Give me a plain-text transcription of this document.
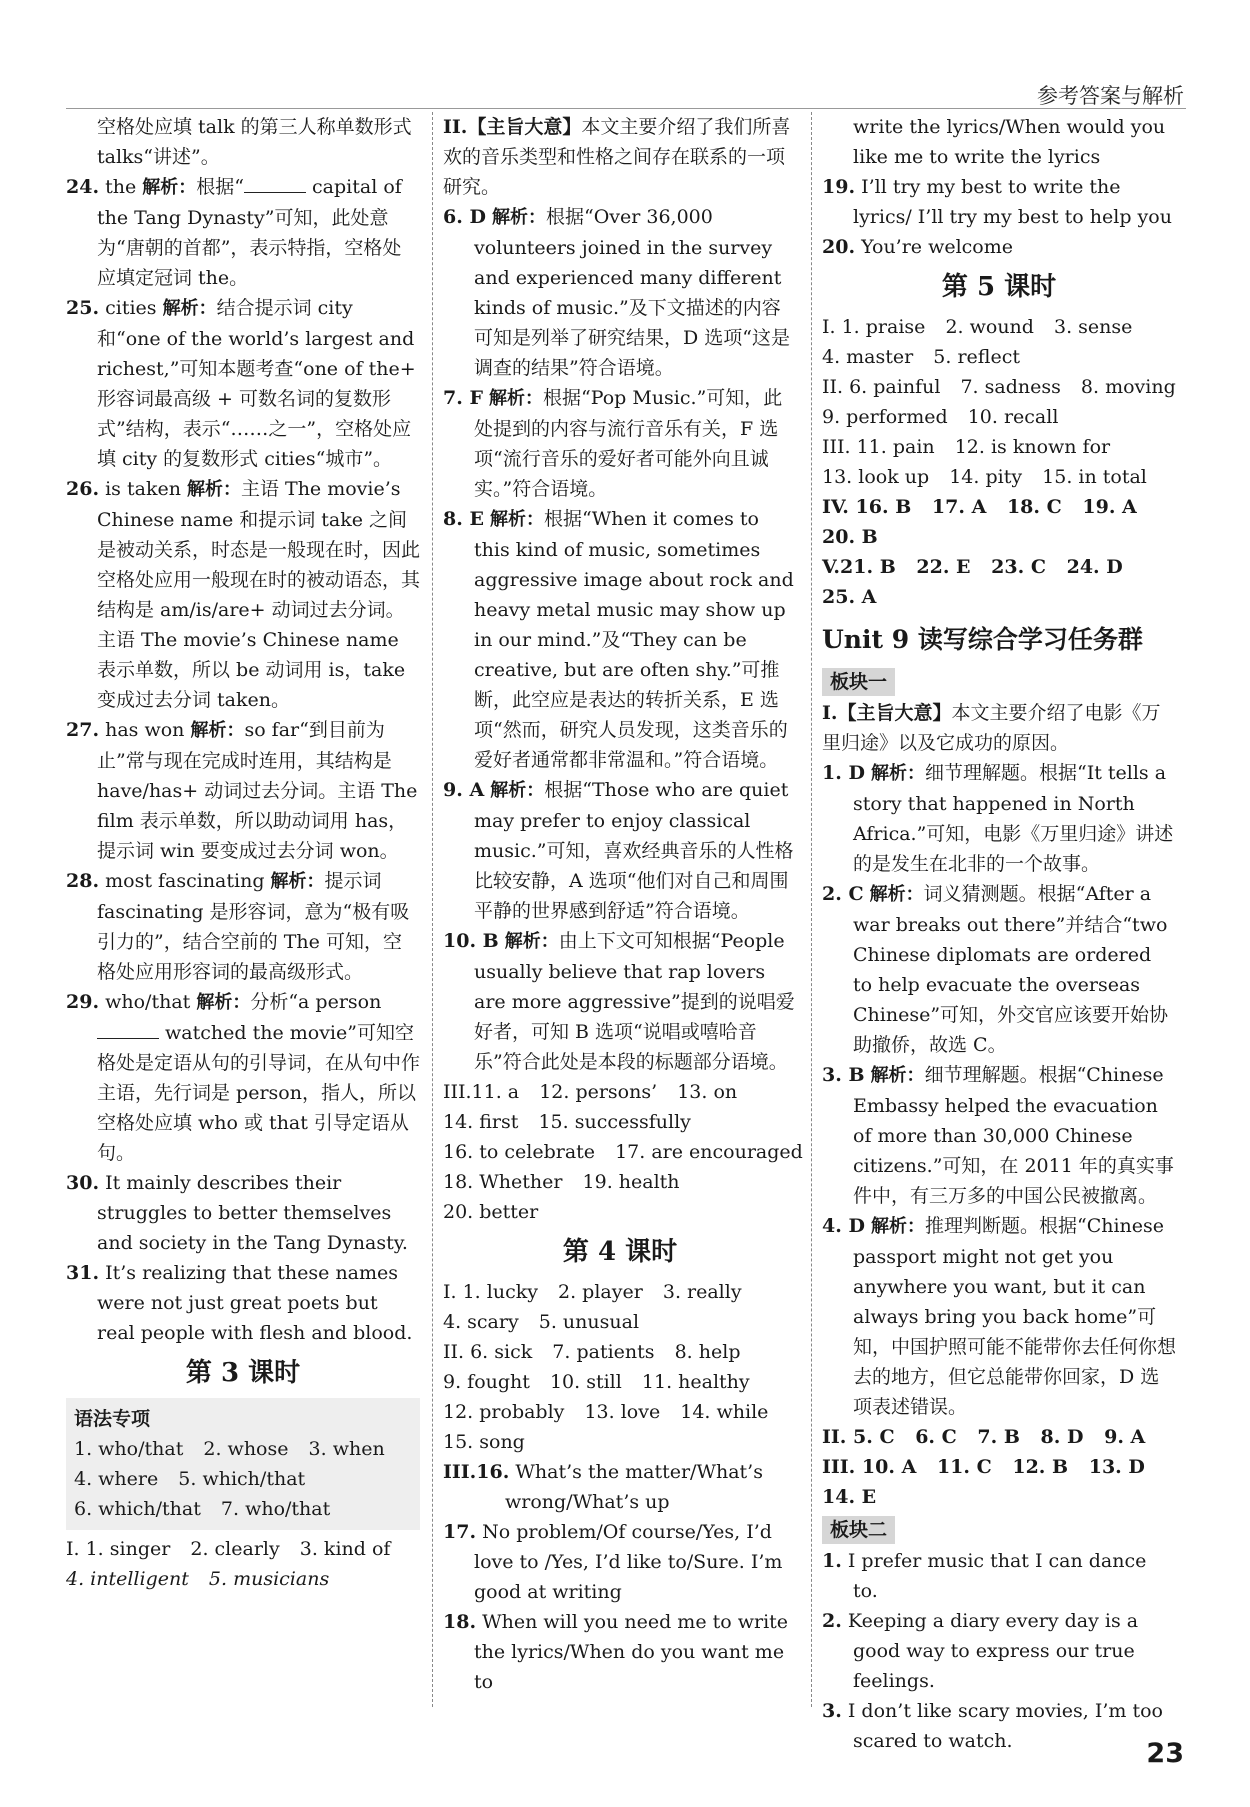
参考答案与解析

空格处应填 talk 的第三人称单数形式 talks“讲述”。

24. the 解析：根据“	capital of the Tang Dynasty”可知，此处意为“唐朝的首都”，表示特指，空格处应填定冠词 the。

25. cities 解析：结合提示词 city 和“one of the world’s largest and richest,”可知本题考查“one of the+ 形容词最高级 + 可数名词的复数形式”结构，表示“……之一”，空格处应填 city 的复数形式 cities“城市”。

26. is taken 解析：主语 The movie’s Chinese name 和提示词 take 之间是被动关系，时态是一般现在时，因此空格处应用一般现在时的被动语态，其结构是 am/is/are+ 动词过去分词。主语 The movie’s Chinese name 表示单数，所以 be 动词用 is，take 变成过去分词 taken。

27. has won 解析：so far“到目前为止”常与现在完成时连用，其结构是 have/has+ 动词过去分词。主语 The film 表示单数，所以助动词用 has，提示词 win 要变成过去分词 won。

28. most fascinating 解析：提示词 fascinating 是形容词，意为“极有吸引力的”，结合空前的 The 可知，空格处应用形容词的最高级形式。

29. who/that 解析：分析“a person  watched the movie”可知空格处是定语从句的引导词，在从句中作主语，先行词是 person，指人，所以空格处应填 who 或 that 引导定语从句。

30. It mainly describes their struggles to better themselves and society in the Tang Dynasty.

31. It’s realizing that these names were not just great poets but real people with flesh and blood.

第 3 课时
语法专项
1. who/that 2. whose 3. when
4. where 5. which/that
6. which/that 7. who/that
I. 1. singer 2. clearly 3. kind of
4. intelligent 5. musicians

II.【主旨大意】本文主要介绍了我们所喜欢的音乐类型和性格之间存在联系的一项研究。

6. D 解析：根据“Over 36,000 volunteers joined in the survey and experienced many different kinds of music.”及下文描述的内容可知是列举了研究结果，D 选项“这是调查的结果”符合语境。

7. F 解析：根据“Pop Music.”可知，此处提到的内容与流行音乐有关，F 选项“流行音乐的爱好者可能外向且诚实。”符合语境。

8. E 解析：根据“When it comes to this kind of music, sometimes aggressive image about rock and heavy metal music may show up in our mind.”及“They can be creative, but are often shy.”可推断，此空应是表达的转折关系，E 选项“然而，研究人员发现，这类音乐的爱好者通常都非常温和。”符合语境。

9. A 解析：根据“Those who are quiet may prefer to enjoy classical music.”可知，喜欢经典音乐的人性格比较安静，A 选项“他们对自己和周围平静的世界感到舒适”符合语境。

10. B 解析：由上下文可知根据“People usually believe that rap lovers are more aggressive”提到的说唱爱好者，可知 B 选项“说唱或嘻哈音乐”符合此处是本段的标题部分语境。

III.11. a 12. persons’ 13. on
14. first 15. successfully
16. to celebrate 17. are encouraged
18. Whether 19. health
20. better
第 4 课时
I. 1. lucky 2. player 3. really
4. scary 5. unusual
II. 6. sick 7. patients 8. help
9. fought 10. still 11. healthy
12. probably 13. love 14. while
15. song

III.16. What’s the matter/What’s wrong/What’s up

17. No problem/Of course/Yes, I’d love to /Yes, I’d like to/Sure. I’m good at writing

18. When will you need me to write the lyrics/When do you want me to

write the lyrics/When would you like me to write the lyrics

19. I’ll try my best to write the lyrics/ I’ll try my best to help you

20. You’re welcome

第 5 课时
I. 1. praise 2. wound 3. sense
4. master 5. reflect
II. 6. painful 7. sadness 8. moving
9. performed 10. recall
III. 11. pain 12. is known for
13. look up 14. pity 15. in total
IV. 16. B 17. A 18. C 19. A
20. B
V.21. B 22. E 23. C 24. D
25. A
Unit 9 读写综合学习任务群
板块一

I.【主旨大意】本文主要介绍了电影《万里归途》以及它成功的原因。

1. D 解析：细节理解题。根据“It tells a story that happened in North Africa.”可知，电影《万里归途》讲述的是发生在北非的一个故事。

2. C 解析：词义猜测题。根据“After a war breaks out there”并结合“two Chinese diplomats are ordered to help evacuate the overseas Chinese”可知，外交官应该要开始协助撤侨，故选 C。

3. B 解析：细节理解题。根据“Chinese Embassy helped the evacuation of more than 30,000 Chinese citizens.”可知，在 2011 年的真实事件中，有三万多的中国公民被撤离。

4. D 解析：推理判断题。根据“Chinese passport might not get you anywhere you want, but it can always bring you back home”可知，中国护照可能不能带你去任何你想去的地方，但它总能带你回家，D 选项表述错误。

II. 5. C 6. C 7. B 8. D 9. A
III. 10. A 11. C 12. B 13. D
14. E
板块二

1. I prefer music that I can dance to.

2. Keeping a diary every day is a good way to express our true feelings.

3. I don’t like scary movies, I’m too scared to watch.	23
